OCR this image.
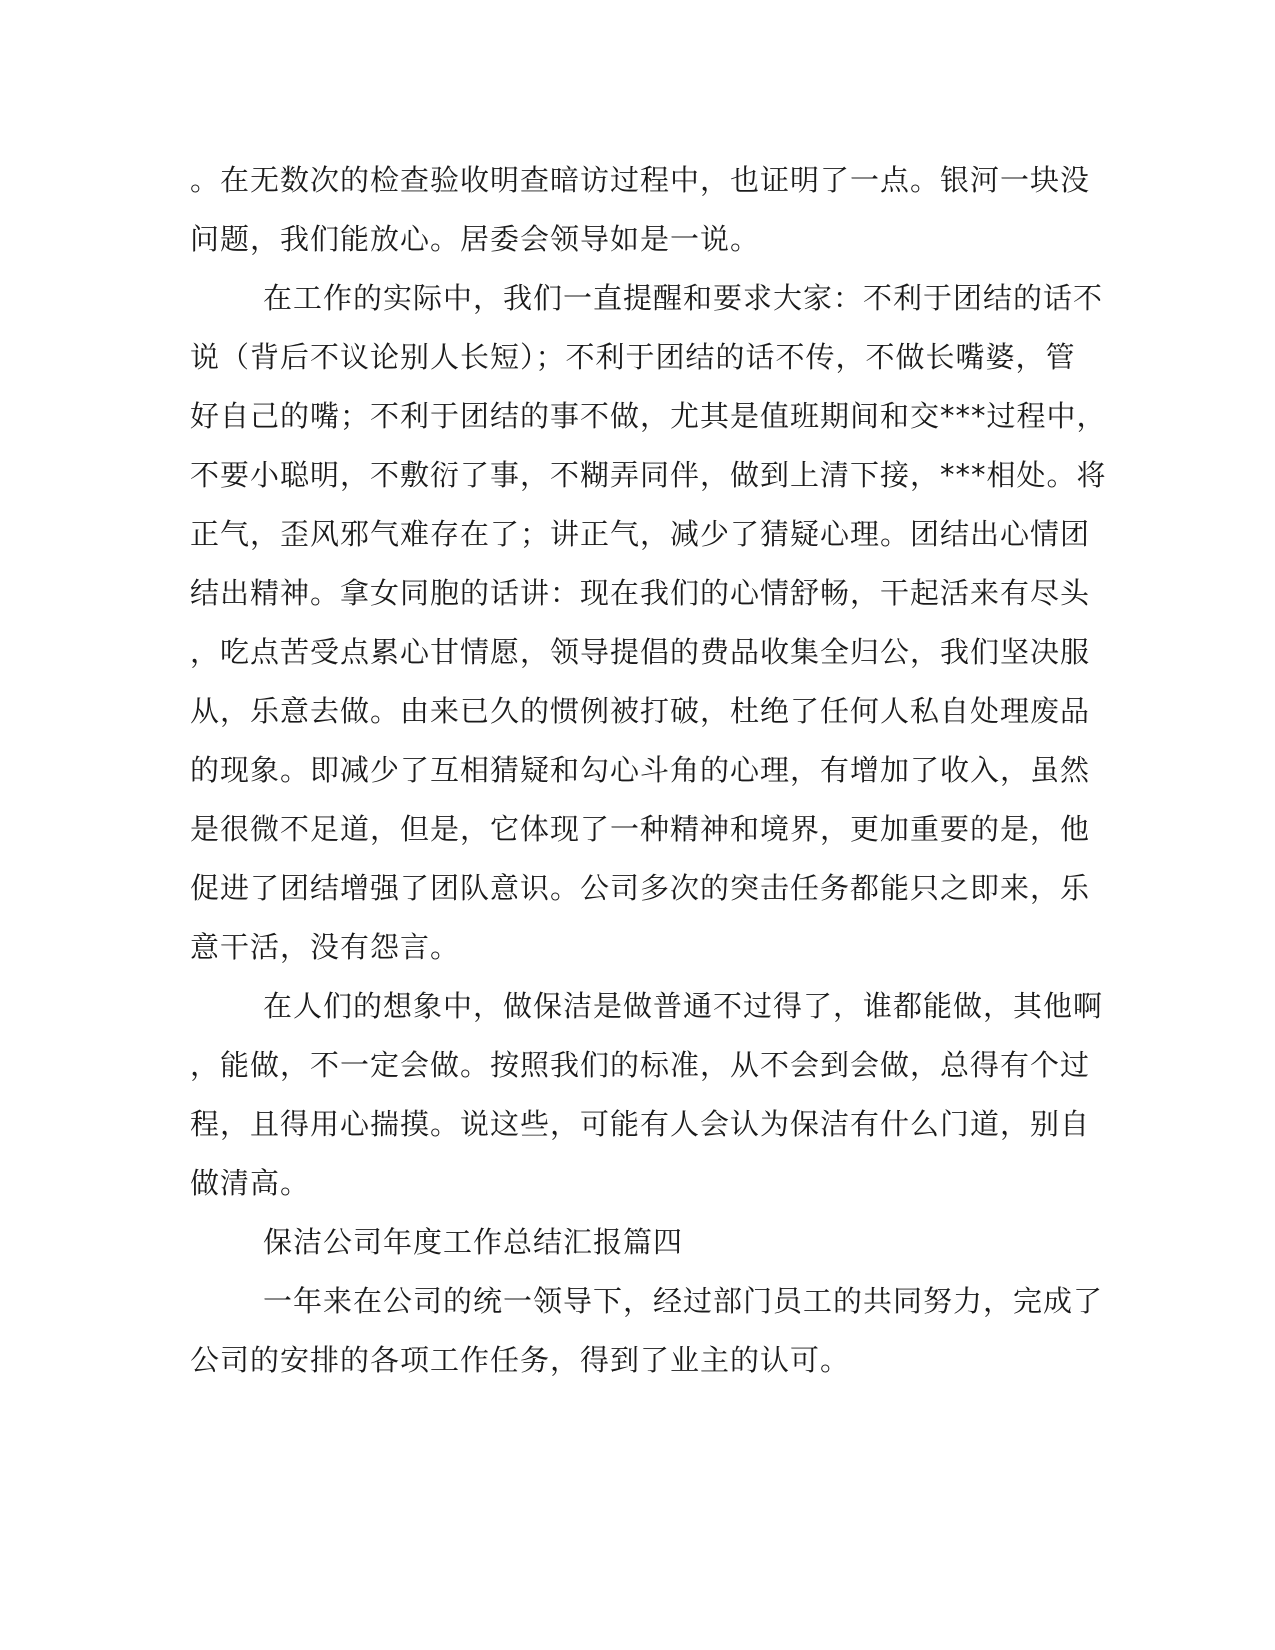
。在无数次的检查验收明查暗访过程中，也证明了一点。银河一块没
问题，我们能放心。居委会领导如是一说。
在工作的实际中，我们一直提醒和要求大家：不利于团结的话不
说（背后不议论别人长短）；不利于团结的话不传，不做长嘴婆，管
好自己的嘴；不利于团结的事不做，尤其是值班期间和交***过程中，
不要小聪明，不敷衍了事，不糊弄同伴，做到上清下接，***相处。将
正气，歪风邪气难存在了；讲正气，减少了猜疑心理。团结出心情团
结出精神。拿女同胞的话讲：现在我们的心情舒畅，干起活来有尽头
，吃点苦受点累心甘情愿，领导提倡的费品收集全归公，我们坚决服
从，乐意去做。由来已久的惯例被打破，杜绝了任何人私自处理废品
的现象。即减少了互相猜疑和勾心斗角的心理，有增加了收入，虽然
是很微不足道，但是，它体现了一种精神和境界，更加重要的是，他
促进了团结增强了团队意识。公司多次的突击任务都能只之即来，乐
意干活，没有怨言。
在人们的想象中，做保洁是做普通不过得了，谁都能做，其他啊
，能做，不一定会做。按照我们的标准，从不会到会做，总得有个过
程，且得用心揣摸。说这些，可能有人会认为保洁有什么门道，别自
做清高。
保洁公司年度工作总结汇报篇四
一年来在公司的统一领导下，经过部门员工的共同努力，完成了
公司的安排的各项工作任务，得到了业主的认可。
